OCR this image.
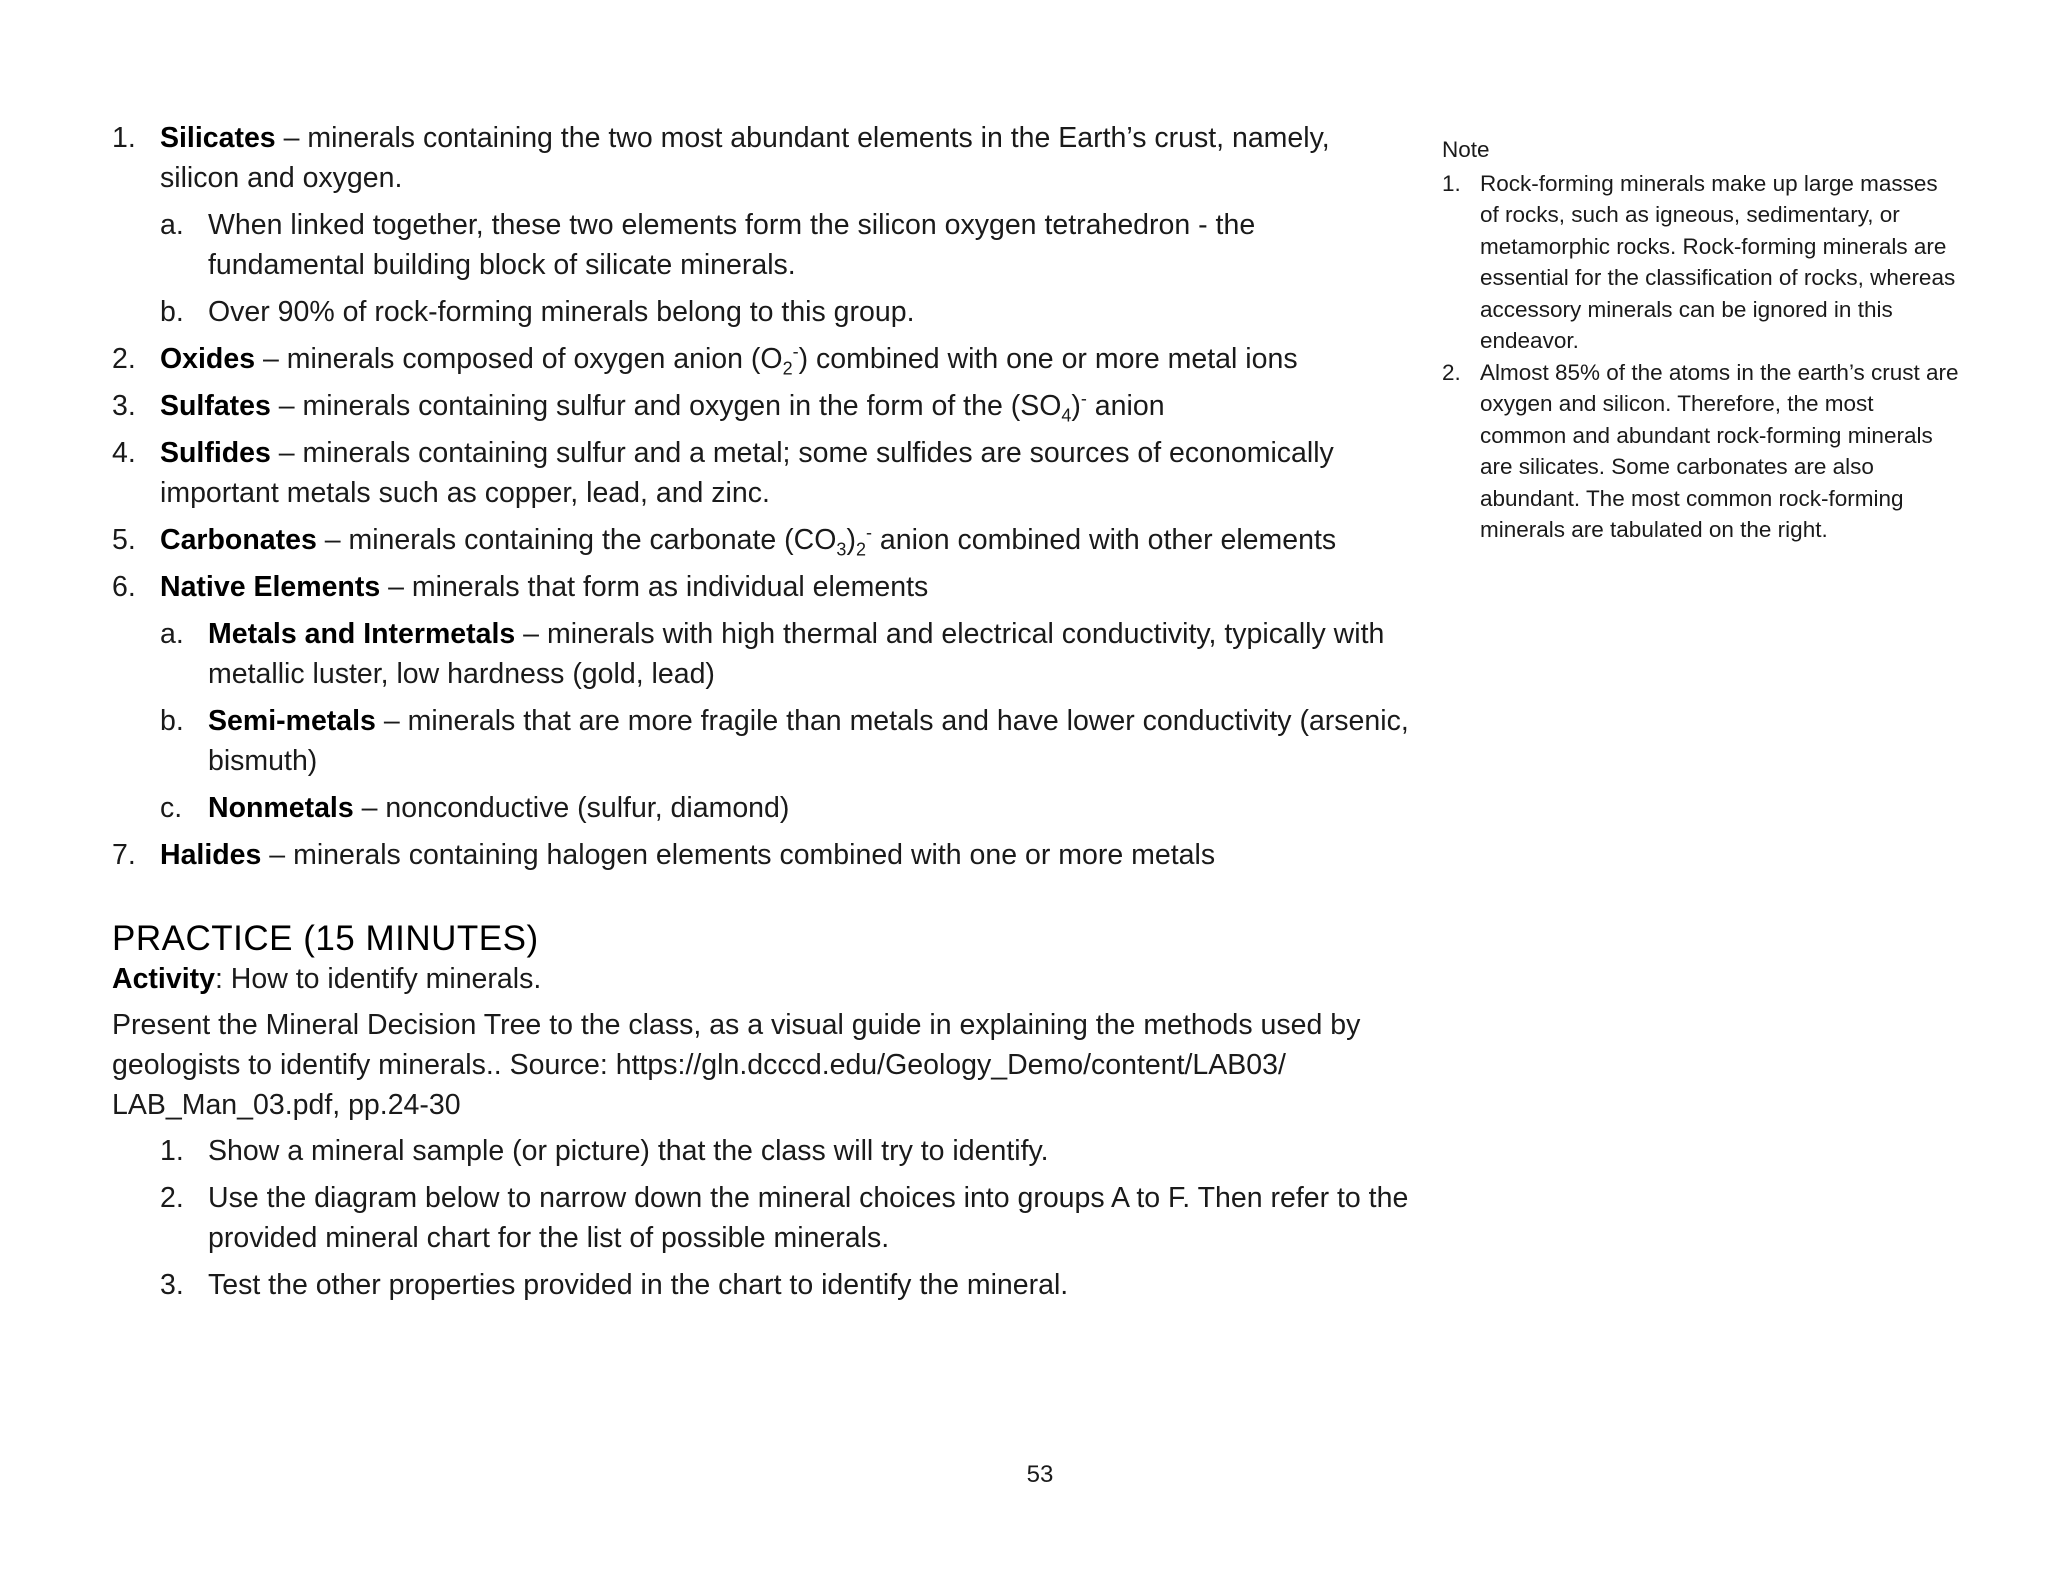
1. Silicates – minerals containing the two most abundant elements in the Earth’s crust, namely, silicon and oxygen.
a. When linked together, these two elements form the silicon oxygen tetrahedron - the fundamental building block of silicate minerals.
b. Over 90% of rock-forming minerals belong to this group.
2. Oxides – minerals composed of oxygen anion $(O_2^-)$ combined with one or more metal ions
3. Sulfates – minerals containing sulfur and oxygen in the form of the $(SO_4)^-$ anion
4. Sulfides – minerals containing sulfur and a metal; some sulfides are sources of economically important metals such as copper, lead, and zinc.
5. Carbonates – minerals containing the carbonate $(CO_3)_2^-$ anion combined with other elements
6. Native Elements – minerals that form as individual elements
a. Metals and Intermetals – minerals with high thermal and electrical conductivity, typically with metallic luster, low hardness (gold, lead)
b. Semi-metals – minerals that are more fragile than metals and have lower conductivity (arsenic, bismuth)
c. Nonmetals – nonconductive (sulfur, diamond)
7. Halides – minerals containing halogen elements combined with one or more metals
PRACTICE (15 MINUTES)
Activity: How to identify minerals.
Present the Mineral Decision Tree to the class, as a visual guide in explaining the methods used by geologists to identify minerals.. Source: https://gln.dcccd.edu/Geology_Demo/content/LAB03/ LAB_Man_03.pdf, pp.24-30
1. Show a mineral sample (or picture) that the class will try to identify.
2. Use the diagram below to narrow down the mineral choices into groups A to F. Then refer to the provided mineral chart for the list of possible minerals.
3. Test the other properties provided in the chart to identify the mineral.
Note
1. Rock-forming minerals make up large masses of rocks, such as igneous, sedimentary, or metamorphic rocks. Rock-forming minerals are essential for the classification of rocks, whereas accessory minerals can be ignored in this endeavor.
2. Almost 85% of the atoms in the earth’s crust are oxygen and silicon. Therefore, the most common and abundant rock-forming minerals are silicates. Some carbonates are also abundant. The most common rock-forming minerals are tabulated on the right.
53
